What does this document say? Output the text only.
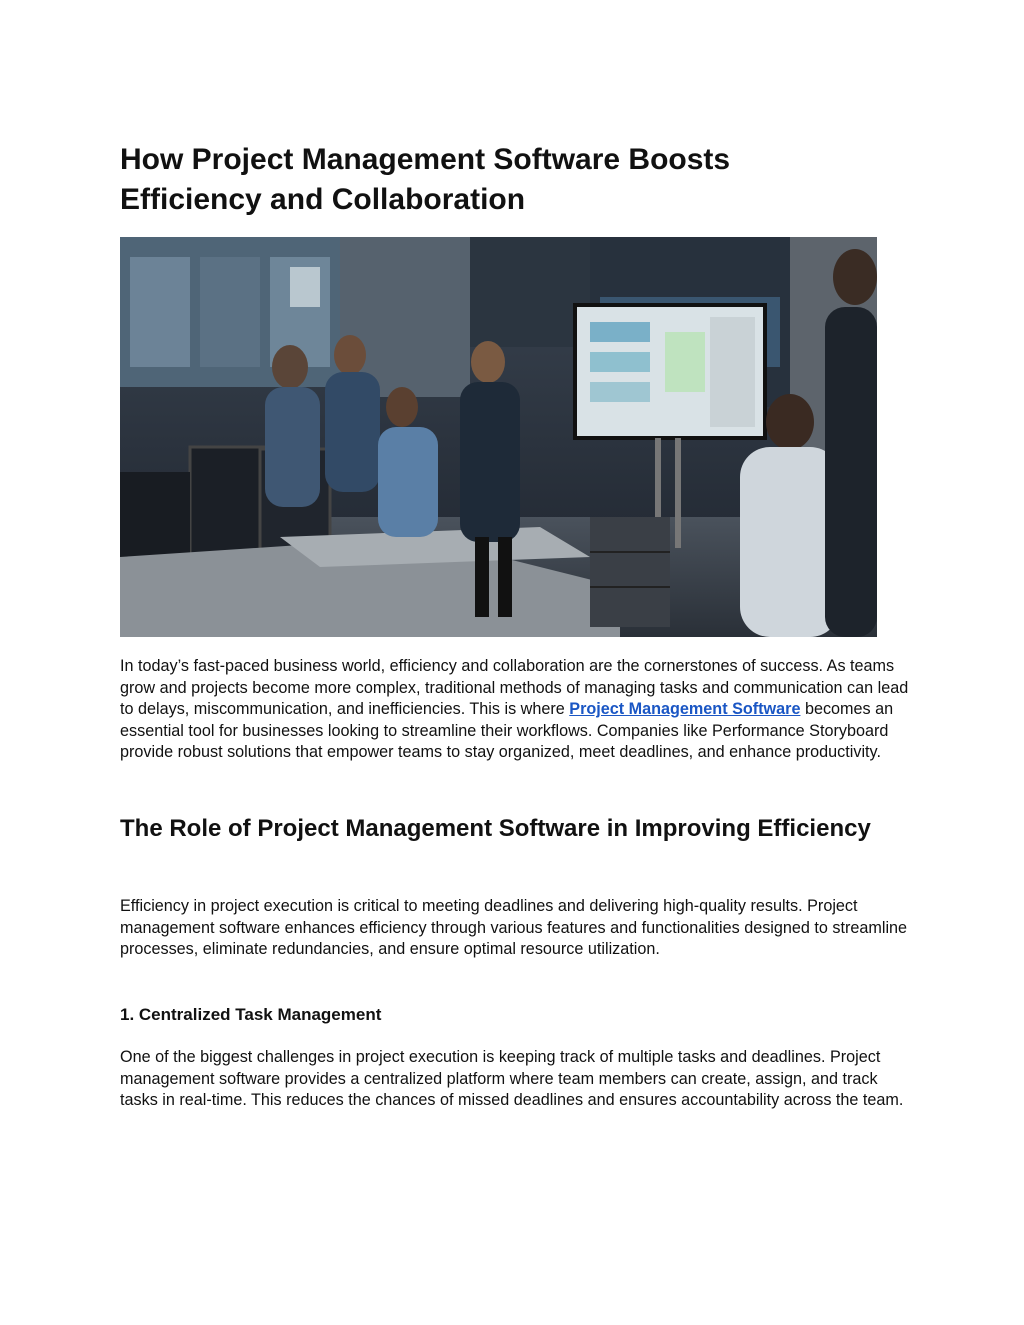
How Project Management Software Boosts Efficiency and Collaboration

In today’s fast-paced business world, efficiency and collaboration are the cornerstones of success. As teams grow and projects become more complex, traditional methods of managing tasks and communication can lead to delays, miscommunication, and inefficiencies. This is where Project Management Software becomes an essential tool for businesses looking to streamline their workflows. Companies like Performance Storyboard provide robust solutions that empower teams to stay organized, meet deadlines, and enhance productivity.

The Role of Project Management Software in Improving Efficiency

Efficiency in project execution is critical to meeting deadlines and delivering high-quality results. Project management software enhances efficiency through various features and functionalities designed to streamline processes, eliminate redundancies, and ensure optimal resource utilization.

1. Centralized Task Management

One of the biggest challenges in project execution is keeping track of multiple tasks and deadlines. Project management software provides a centralized platform where team members can create, assign, and track tasks in real-time. This reduces the chances of missed deadlines and ensures accountability across the team.
